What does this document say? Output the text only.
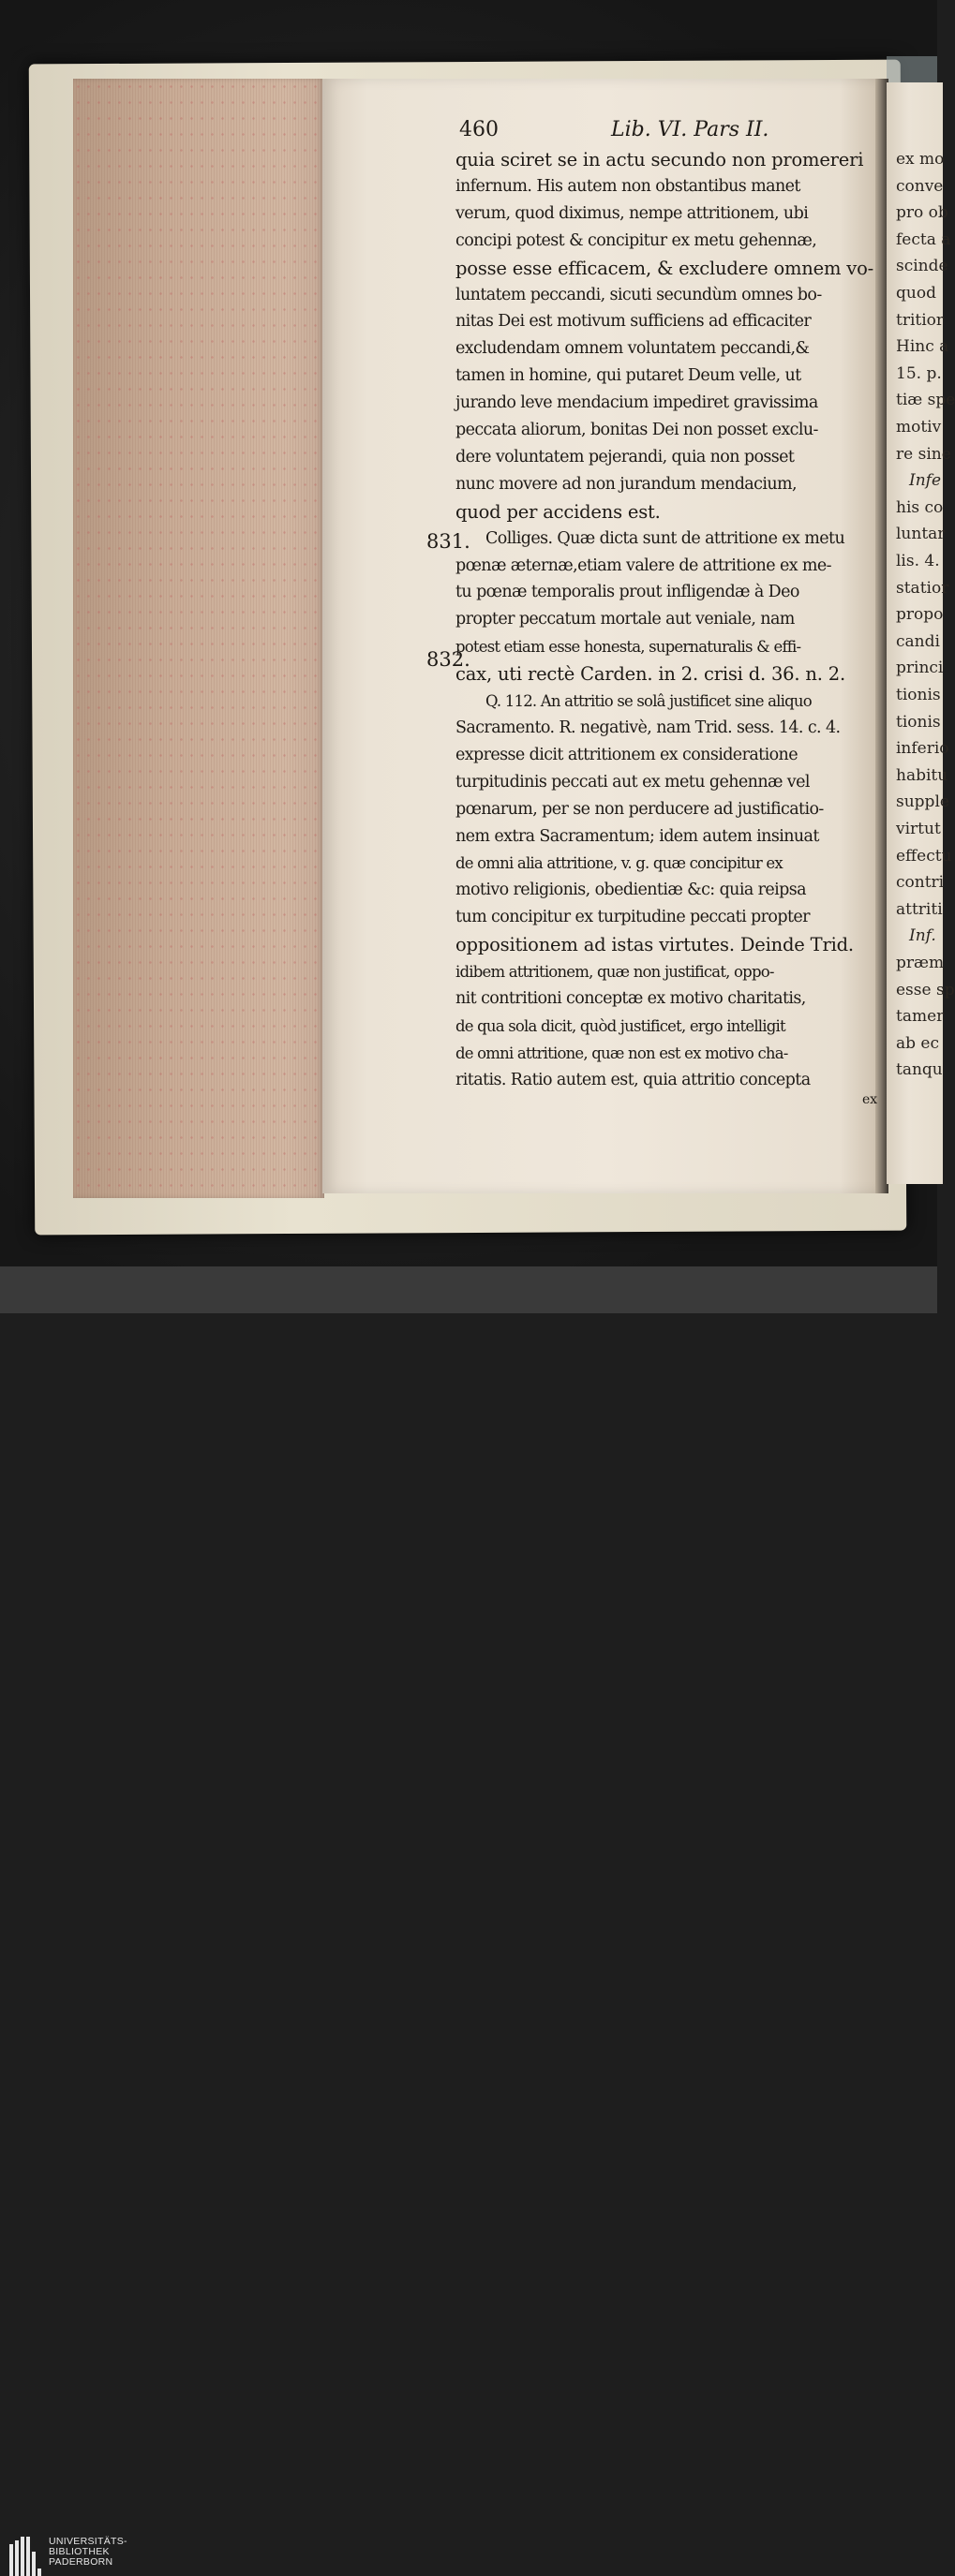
ex mo
conve
pro ob
fecta a
scinde
quod
tritior
Hinc a
15. p.
tiæ spe
motiv
re sine
Infe
his co
luntar
lis. 4.
statior
propo
candi
princi
tionis
tionis
inferio
habitu
supple
virtut
effectu
contri
attriti
Inf.
præm
esse sp
tamer
ab ec
tanqu
460	Lib. VI. Pars II.
831.
832.
quia sciret se in actu secundo non promereri
infernum. His autem non obstantibus manet
verum, quod diximus, nempe attritionem, ubi
concipi potest & concipitur ex metu gehennæ,
posse esse efficacem, & excludere omnem vo-
luntatem peccandi, sicuti secundùm omnes bo-
nitas Dei est motivum sufficiens ad efficaciter
excludendam omnem voluntatem peccandi,&
tamen in homine, qui putaret Deum velle, ut
jurando leve mendacium impediret gravissima
peccata aliorum, bonitas Dei non posset exclu-
dere voluntatem pejerandi, quia non posset
nunc movere ad non jurandum mendacium,
quod per accidens est.
Colliges. Quæ dicta sunt de attritione ex metu
pœnæ æternæ,etiam valere de attritione ex me-
tu pœnæ temporalis prout infligendæ à Deo
propter peccatum mortale aut veniale, nam
potest etiam esse honesta, supernaturalis & effi-
cax, uti rectè Carden. in 2. crisi d. 36. n. 2.
Q. 112. An attritio se solâ justificet sine aliquo
Sacramento. R. negativè, nam Trid. sess. 14. c. 4.
expresse dicit attritionem ex consideratione
turpitudinis peccati aut ex metu gehennæ vel
pœnarum, per se non perducere ad justificatio-
nem extra Sacramentum; idem autem insinuat
de omni alia attritione, v. g. quæ concipitur ex
motivo religionis, obedientiæ &c: quia reipsa
tum concipitur ex turpitudine peccati propter
oppositionem ad istas virtutes. Deinde Trid.
idibem attritionem, quæ non justificat, oppo-
nit contritioni conceptæ ex motivo charitatis,
de qua sola dicit, quòd justificet, ergo intelligit
de omni attritione, quæ non est ex motivo cha-
ritatis. Ratio autem est, quia attritio concepta
ex
UNIVERSITÄTS-
BIBLIOTHEK
PADERBORN
